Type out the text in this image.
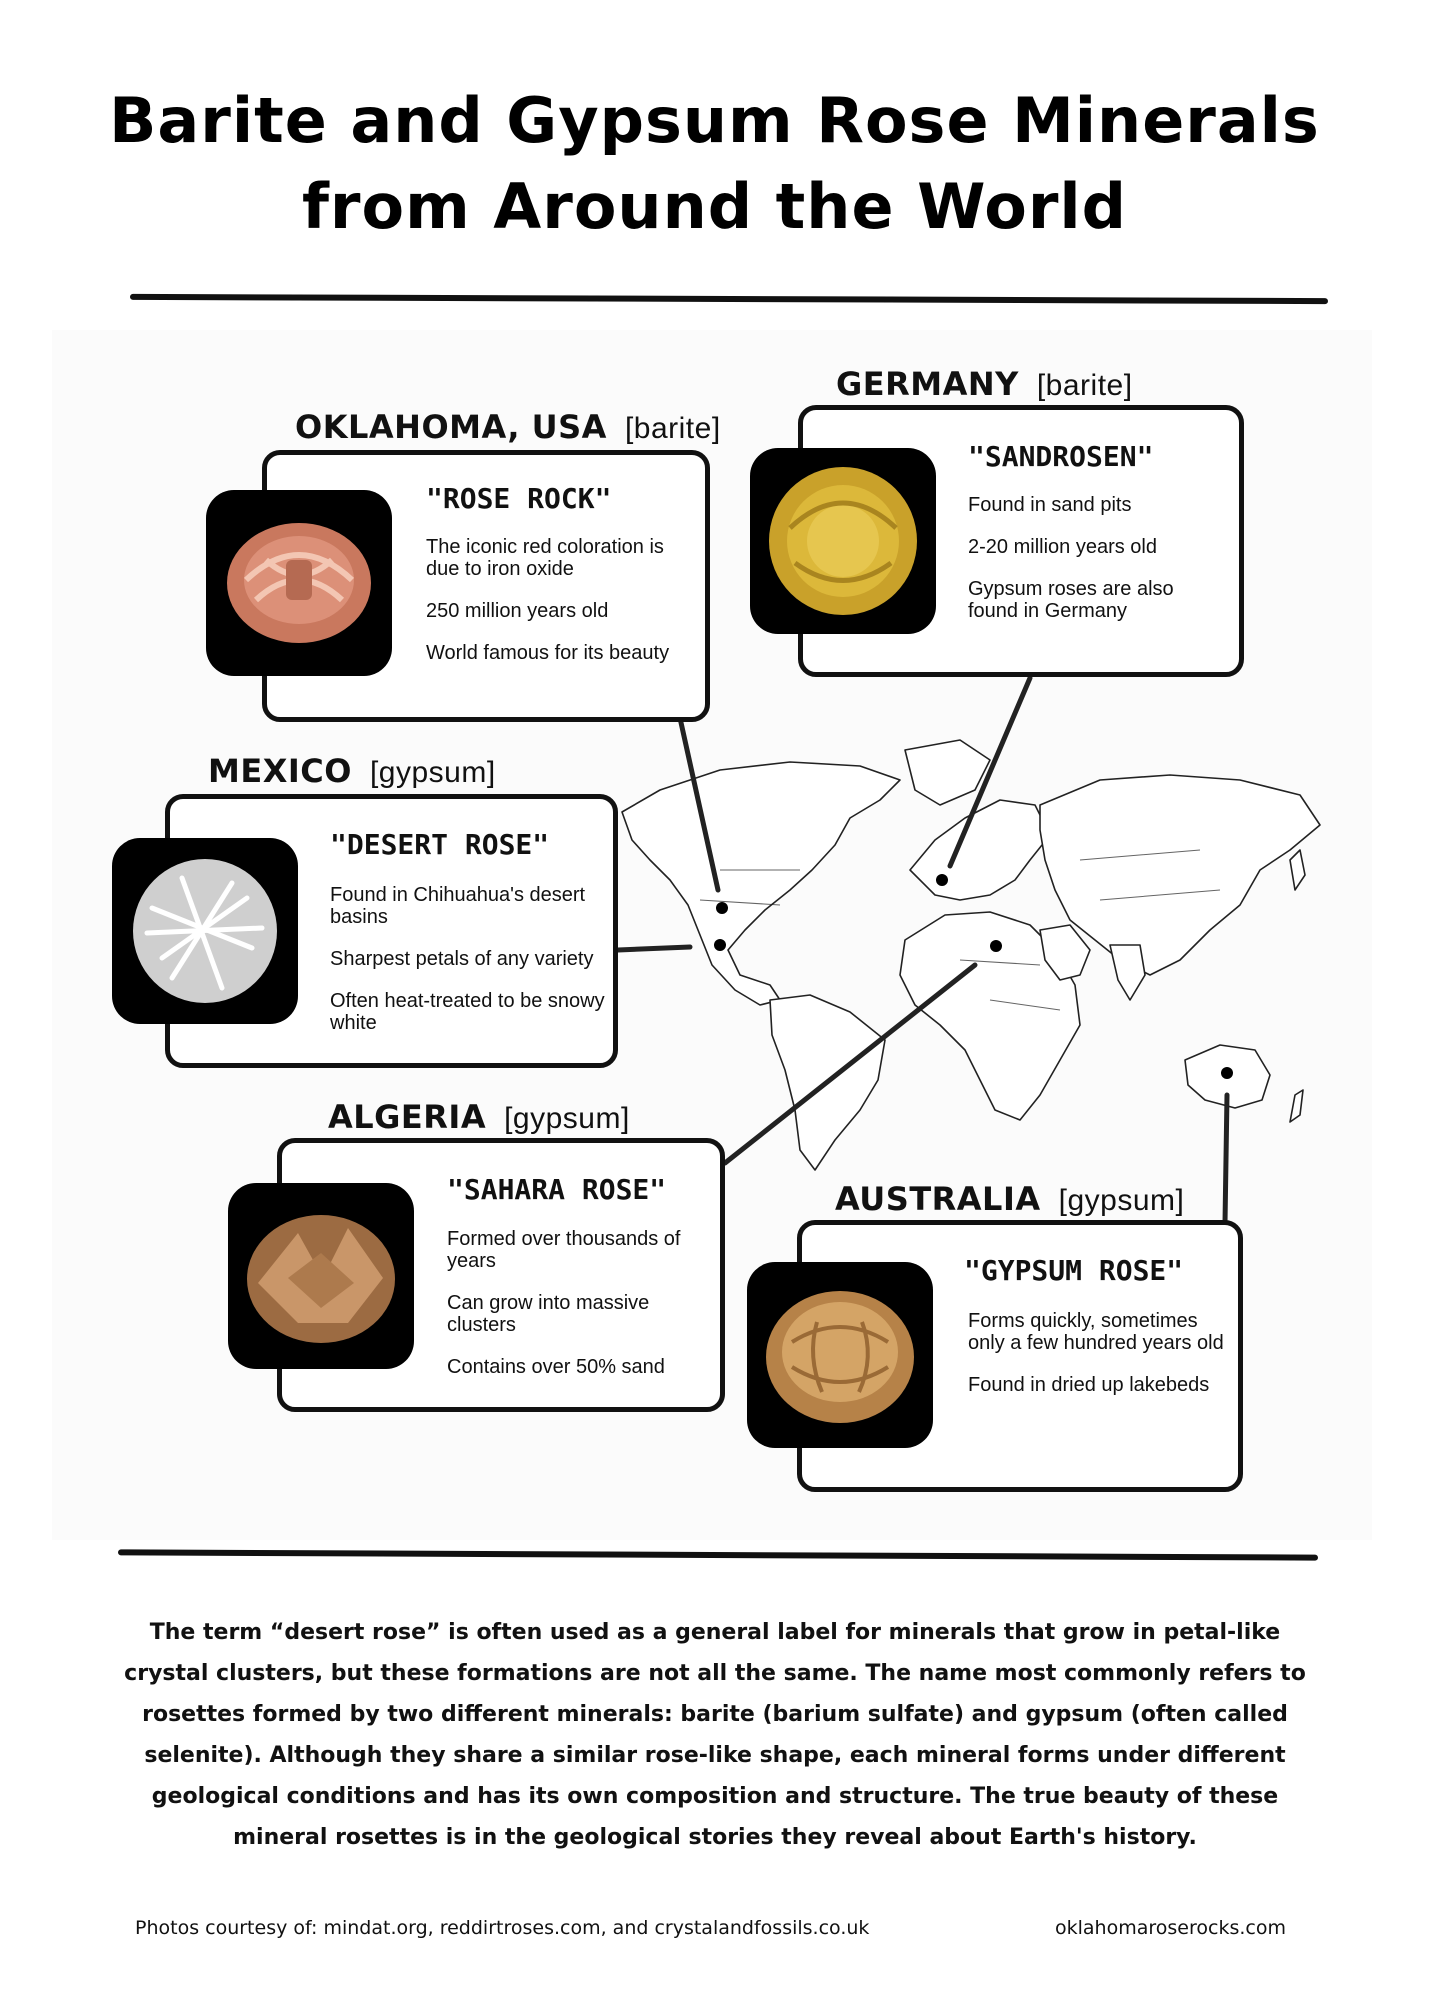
Barite and Gypsum Rose Minerals
from Around the World
OKLAHOMA, USA [barite]
"ROSE ROCK"
The iconic red coloration is due to iron oxide
250 million years old
World famous for its beauty
GERMANY [barite]
"SANDROSEN"
Found in sand pits
2-20 million years old
Gypsum roses are also found in Germany
MEXICO [gypsum]
"DESERT ROSE"
Found in Chihuahua's desert basins
Sharpest petals of any variety
Often heat-treated to be snowy white
ALGERIA [gypsum]
"SAHARA ROSE"
Formed over thousands of years
Can grow into massive clusters
Contains over 50% sand
AUSTRALIA [gypsum]
"GYPSUM ROSE"
Forms quickly, sometimes only a few hundred years old
Found in dried up lakebeds

The term “desert rose” is often used as a general label for minerals that grow in petal-like crystal clusters, but these formations are not all the same. The name most commonly refers to rosettes formed by two different minerals: barite (barium sulfate) and gypsum (often called selenite). Although they share a similar rose-like shape, each mineral forms under different geological conditions and has its own composition and structure. The true beauty of these mineral rosettes is in the geological stories they reveal about Earth's history.

Photos courtesy of: mindat.org, reddirtroses.com, and crystalandfossils.co.uk	oklahomaroserocks.com
